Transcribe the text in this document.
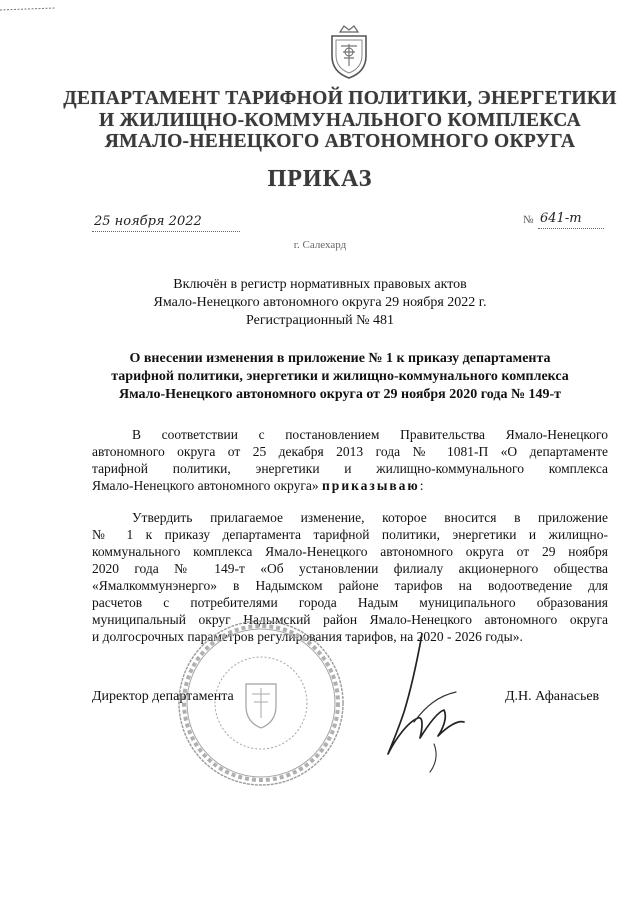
ДЕПАРТАМЕНТ ТАРИФНОЙ ПОЛИТИКИ, ЭНЕРГЕТИКИ
И ЖИЛИЩНО-КОММУНАЛЬНОГО КОМПЛЕКСА
ЯМАЛО-НЕНЕЦКОГО АВТОНОМНОГО ОКРУГА
ПРИКАЗ
25 ноября 2022	№ 641-т
г. Салехард
Включён в регистр нормативных правовых актов
Ямало-Ненецкого автономного округа 29 ноября 2022 г.
Регистрационный № 481
О внесении изменения в приложение № 1 к приказу департамента
тарифной политики, энергетики и жилищно-коммунального комплекса
Ямало-Ненецкого автономного округа от 29 ноября 2020 года № 149-т
В соответствии с постановлением Правительства Ямало-Ненецкого
автономного округа от 25 декабря 2013 года № 1081-П «О департаменте
тарифной политики, энергетики и жилищно-коммунального комплекса
Ямало-Ненецкого автономного округа» приказываю:
Утвердить прилагаемое изменение, которое вносится в приложение
№ 1 к приказу департамента тарифной политики, энергетики и жилищно-
коммунального комплекса Ямало-Ненецкого автономного округа от 29 ноября
2020 года № 149-т «Об установлении филиалу акционерного общества
«Ямалкоммунэнерго» в Надымском районе тарифов на водоотведение для
расчетов с потребителями города Надым муниципального образования
муниципальный округ Надымский район Ямало-Ненецкого автономного округа
и долгосрочных параметров регулирования тарифов, на 2020 - 2026 годы».
Директор департамента	Д.Н. Афанасьев
